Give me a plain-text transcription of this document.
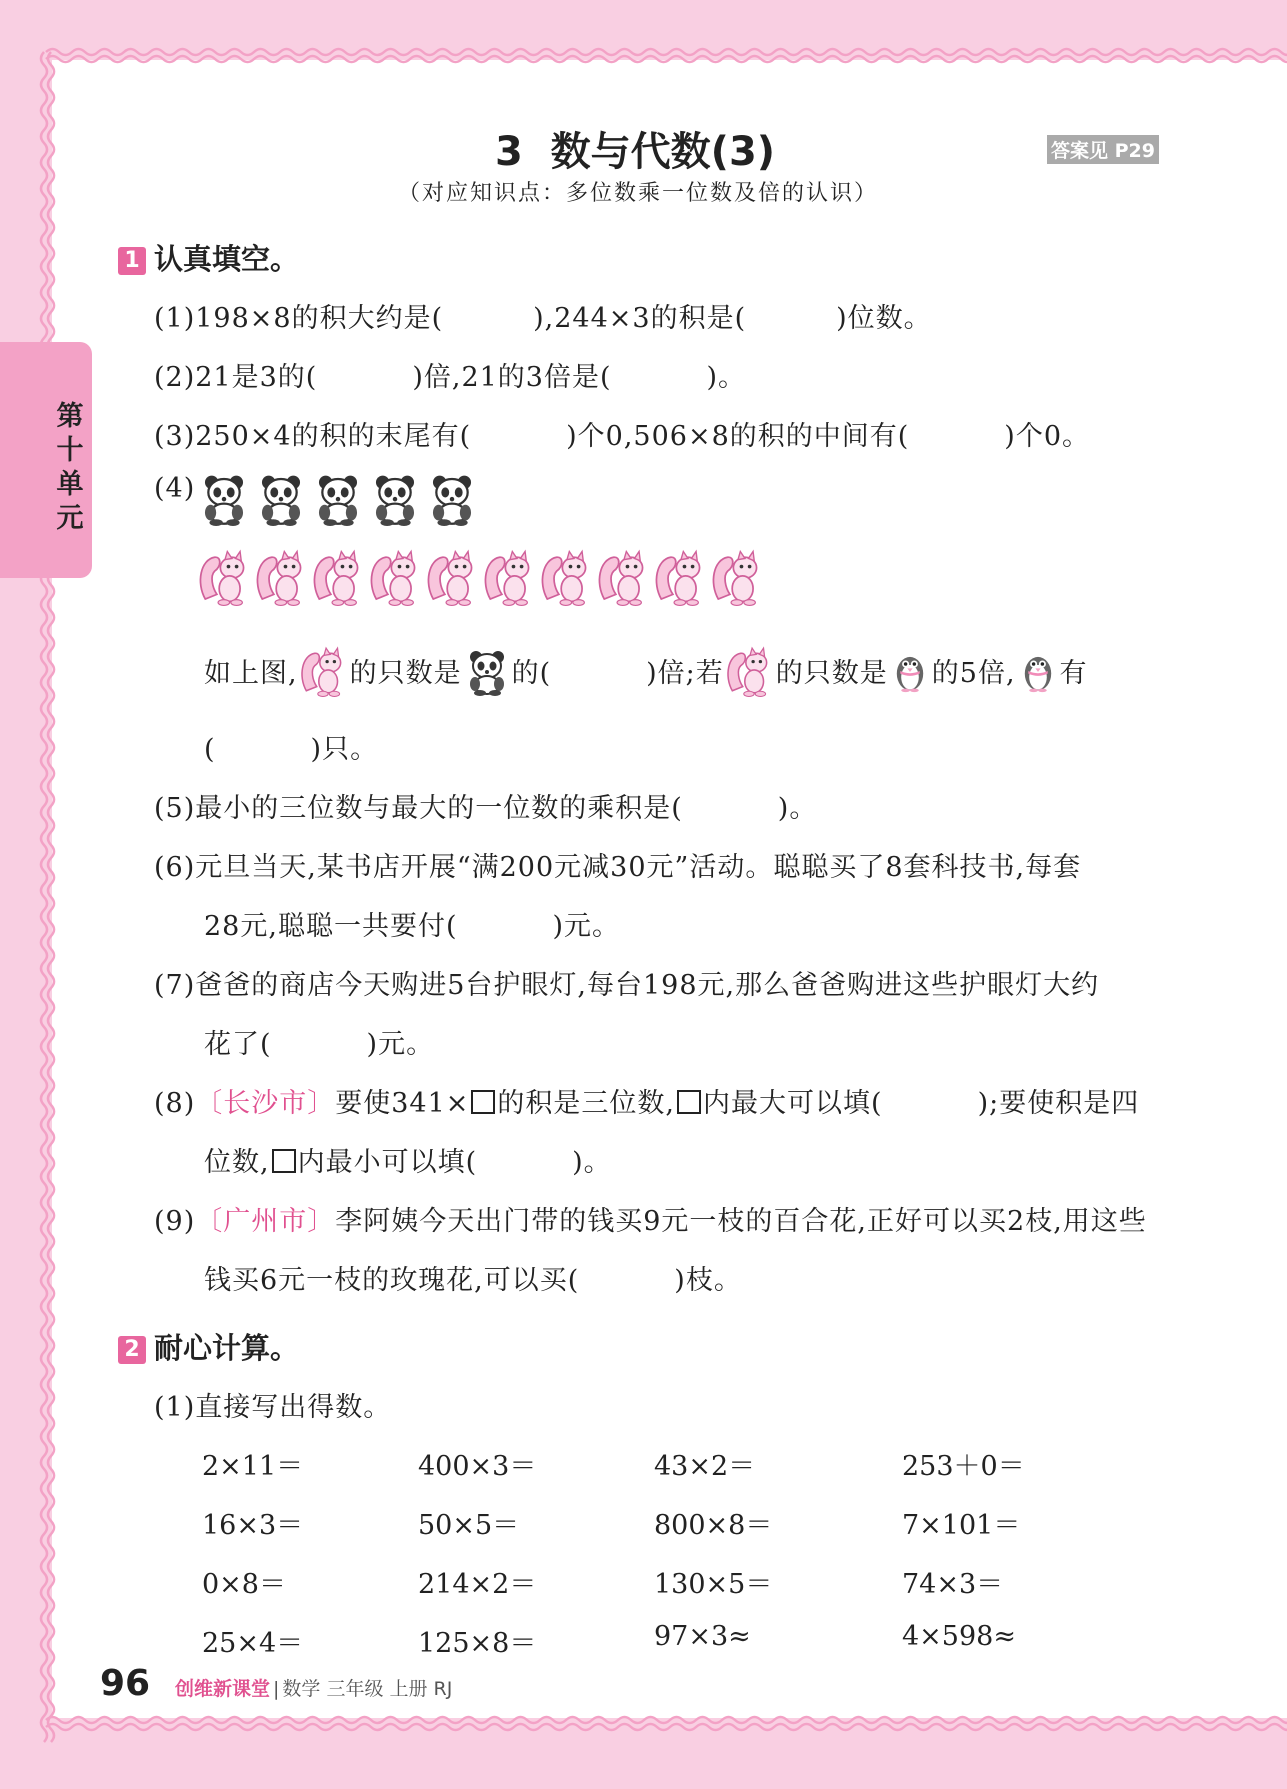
第
十
单
元
3  数与代数(3)	答案见 P29
（对应知识点：多位数乘一位数及倍的认识）
1 认真填空。
(1)198×8的积大约是(	),244×3的积是(	)位数。
(2)21是3的(	)倍,21的3倍是(	)。
(3)250×4的积的末尾有(	)个0,506×8的积的中间有(	)个0。
(4)
如上图, 的只数是 的(	)倍;若 的只数是 的5倍, 有
(	)只。
(5)最小的三位数与最大的一位数的乘积是(	)。
(6)元旦当天,某书店开展“满200元减30元”活动。聪聪买了8套科技书,每套
28元,聪聪一共要付(	)元。
(7)爸爸的商店今天购进5台护眼灯,每台198元,那么爸爸购进这些护眼灯大约
花了(	)元。
(8)〔长沙市〕要使341× 的积是三位数, 内最大可以填(	);要使积是四
位数, 内最小可以填(	)。
(9)〔广州市〕李阿姨今天出门带的钱买9元一枝的百合花,正好可以买2枝,用这些
钱买6元一枝的玫瑰花,可以买(	)枝。
2 耐心计算。
(1)直接写出得数。
2×11＝	400×3＝	43×2＝	253＋0＝
16×3＝	50×5＝	800×8＝	7×101＝
0×8＝	214×2＝	130×5＝	74×3＝
25×4＝	125×8＝	97×3≈	4×598≈
96 创维新课堂 | 数学 三年级 上册 RJ
